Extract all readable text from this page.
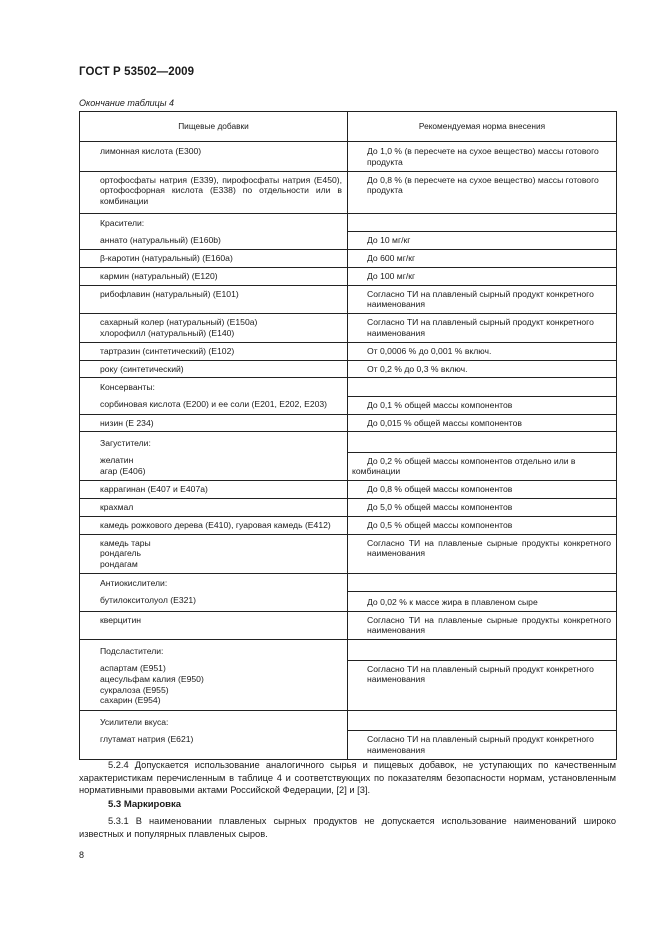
ГОСТ Р 53502—2009
Окончание таблицы 4
Пищевые добавки	Рекомендуемая норма внесения

лимонная кислота (Е300)	До 1,0 % (в пересчете на сухое вещество) массы готового продукта

ортофосфаты натрия (Е339), пирофосфаты натрия (Е450), ортофосфорная кислота (Е338) по отдельности или в комбинации	До 0,8 % (в пересчете на сухое вещество) массы готового продукта
Красители:	
аннато (натуральный) (Е160b)	До 10 мг/кг
β-каротин (натуральный) (Е160а)	До 600 мг/кг
кармин (натуральный) (Е120)	До 100 мг/кг
рибофлавин (натуральный) (Е101)	Согласно ТИ на плавленый сырный продукт конкретного наименования

сахарный колер (натуральный) (Е150а)
хлорофилл (натуральный) (Е140)	Согласно ТИ на плавленый сырный продукт конкретного наименования
тартразин (синтетический) (Е102)	От 0,0006 % до 0,001 % включ.
року (синтетический)	От 0,2 % до 0,3 % включ.
Консерванты:	
сорбиновая кислота (Е200) и ее соли (Е201, Е202, Е203)	До 0,1 % общей массы компонентов
низин (Е 234)	До 0,015 % общей массы компонентов
Загустители:	

желатин
агар (Е406)	До 0,2 % общей массы компонентов отдельно или в комбинации
каррагинан (Е407 и Е407а)	До 0,8 % общей массы компонентов
крахмал	До 5,0 % общей массы компонентов
камедь рожкового дерева (Е410), гуаровая камедь (Е412)	До 0,5 % общей массы компонентов

камедь тары
рондагель
рондагам	Согласно ТИ на плавленые сырные продукты конкретного наименования
Антиокислители:	
бутилокситолуол (Е321)	До 0,02 % к массе жира в плавленом сыре
кверцитин	Согласно ТИ на плавленые сырные продукты конкретного наименования
Подсластители:	

аспартам (Е951)
ацесульфам калия (Е950)
сукралоза (Е955)
сахарин (Е954)	Согласно ТИ на плавленый сырный продукт конкретного наименования
Усилители вкуса:	
глутамат натрия (Е621)	Согласно ТИ на плавленый сырный продукт конкретного наименования
5.2.4 Допускается использование аналогичного сырья и пищевых добавок, не уступающих по качественным характеристикам перечисленным в таблице 4 и соответствующих по показателям безопасности нормам, установленным нормативными правовыми актами Российской Федерации, [2] и [3].
5.3 Маркировка
5.3.1 В наименовании плавленых сырных продуктов не допускается использование наименований широко известных и популярных плавленых сыров.
8
